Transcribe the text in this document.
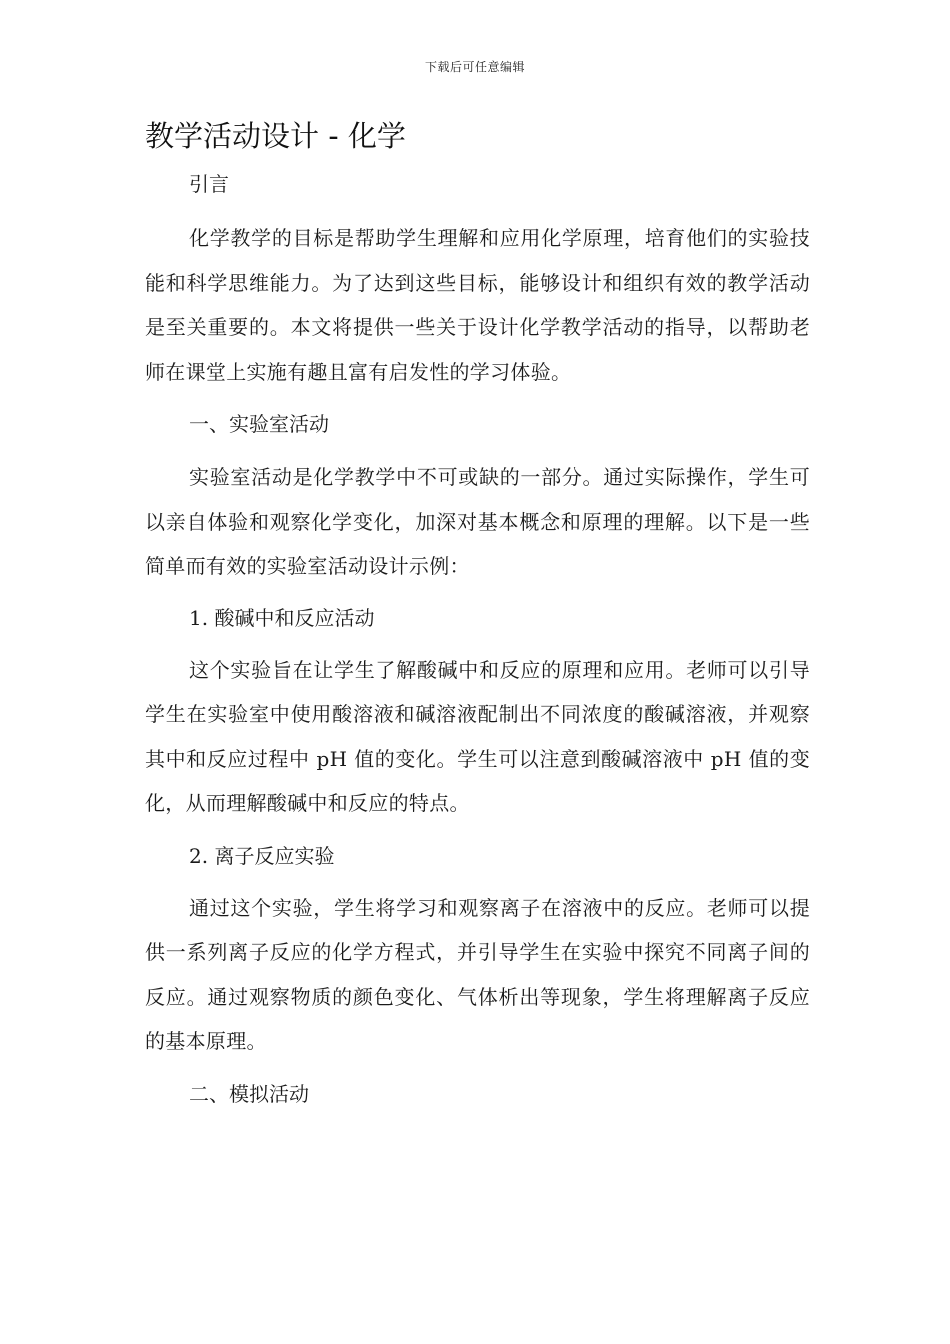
下载后可任意编辑
教学活动设计 - 化学
引言

化学教学的目标是帮助学生理解和应用化学原理，培育他们的实验技能和科学思维能力。为了达到这些目标，能够设计和组织有效的教学活动是至关重要的。本文将提供一些关于设计化学教学活动的指导，以帮助老师在课堂上实施有趣且富有启发性的学习体验。

一、实验室活动

实验室活动是化学教学中不可或缺的一部分。通过实际操作，学生可以亲自体验和观察化学变化，加深对基本概念和原理的理解。以下是一些简单而有效的实验室活动设计示例：

1. 酸碱中和反应活动

这个实验旨在让学生了解酸碱中和反应的原理和应用。老师可以引导学生在实验室中使用酸溶液和碱溶液配制出不同浓度的酸碱溶液，并观察其中和反应过程中 pH 值的变化。学生可以注意到酸碱溶液中 pH 值的变化，从而理解酸碱中和反应的特点。

2. 离子反应实验

通过这个实验，学生将学习和观察离子在溶液中的反应。老师可以提供一系列离子反应的化学方程式，并引导学生在实验中探究不同离子间的反应。通过观察物质的颜色变化、气体析出等现象，学生将理解离子反应的基本原理。

二、模拟活动
